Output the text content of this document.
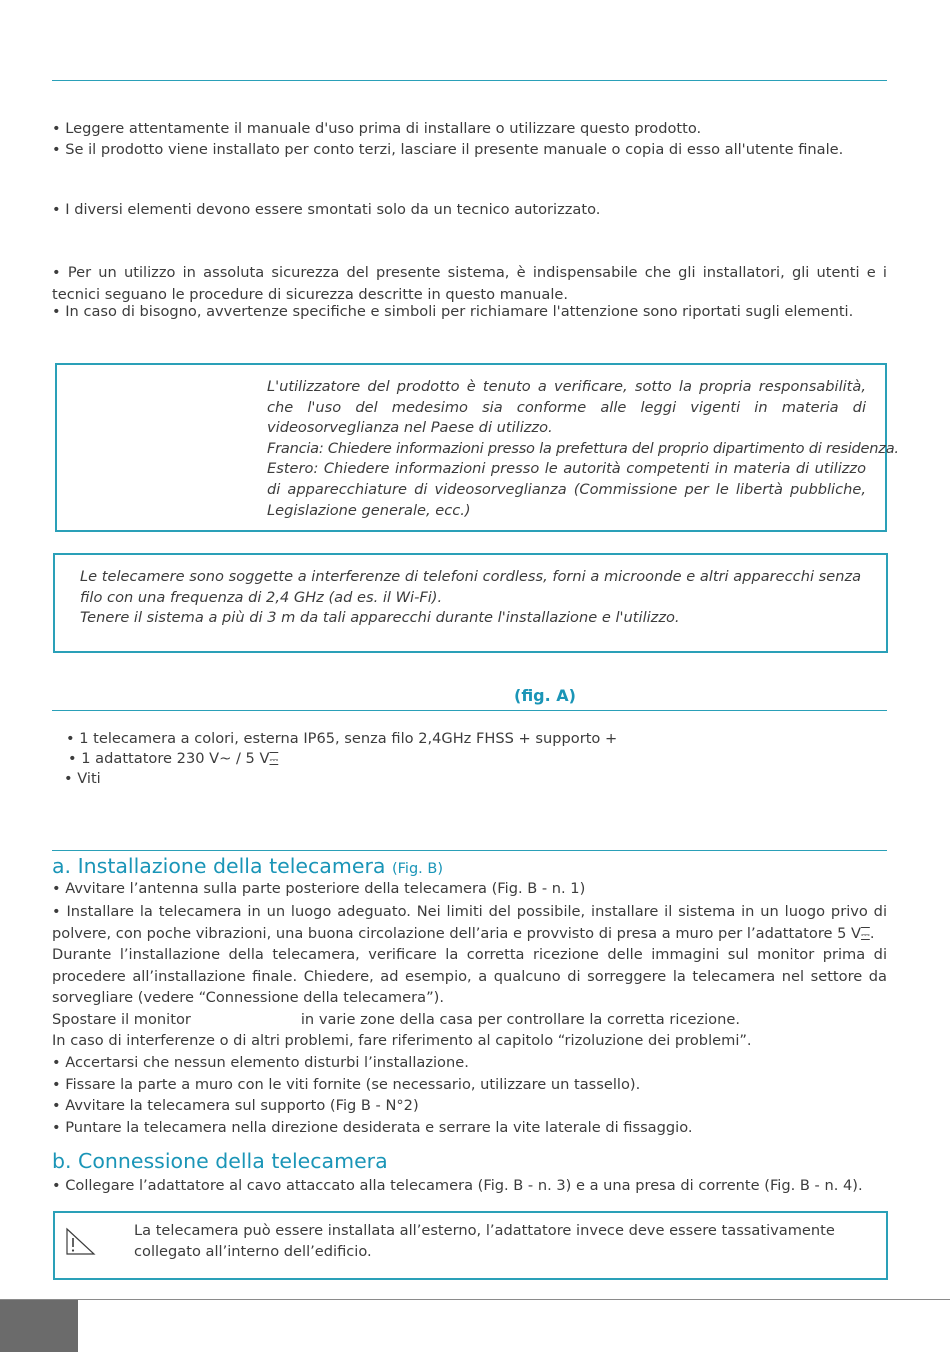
• Leggere attentamente il manuale d'uso prima di installare o utilizzare questo prodotto.
• Se il prodotto viene installato per conto terzi, lasciare il presente manuale o copia di esso all'utente finale.
• I diversi elementi devono essere smontati solo da un tecnico autorizzato.
• Per un utilizzo in assoluta sicurezza del presente sistema, è indispensabile che gli installatori, gli utenti e i tecnici seguano le procedure di sicurezza descritte in questo manuale.
• In caso di bisogno, avvertenze specifiche e simboli per richiamare l'attenzione sono riportati sugli elementi.
L'utilizzatore del prodotto è tenuto a verificare, sotto la propria responsabilità, che l'uso del medesimo sia conforme alle leggi vigenti in materia di videosorveglianza nel Paese di utilizzo.
Francia: Chiedere informazioni presso la prefettura del proprio dipartimento di residenza.
Estero: Chiedere informazioni presso le autorità competenti in materia di utilizzo di apparecchiature di videosorveglianza (Commissione per le libertà pubbliche, Legislazione generale, ecc.)
Le telecamere sono soggette a interferenze di telefoni cordless, forni a microonde e altri apparecchi senza filo con una frequenza di 2,4 GHz (ad es. il Wi-Fi).
Tenere il sistema a più di 3 m da tali apparecchi durante l'installazione e l'utilizzo.
(fig. A)
• 1 telecamera a colori, esterna IP65, senza filo 2,4GHz FHSS + supporto +
• 1 adattatore 230 V~ / 5 V⎓
• Viti
a. Installazione della telecamera (Fig. B)
• Avvitare l’antenna sulla parte posteriore della telecamera (Fig. B - n. 1)
• Installare la telecamera in un luogo adeguato. Nei limiti del possibile, installare il sistema in un luogo privo di polvere, con poche vibrazioni, una buona circolazione dell’aria e provvisto di presa a muro per l’adattatore 5 V⎓.
Durante l’installazione della telecamera, verificare la corretta ricezione delle immagini sul monitor prima di procedere all’installazione finale. Chiedere, ad esempio, a qualcuno di sorreggere la telecamera nel settore da sorvegliare (vedere “Connessione della telecamera”).
Spostare il monitor	in varie zone della casa per controllare la corretta ricezione.
In caso di interferenze o di altri problemi, fare riferimento al capitolo “rizoluzione dei problemi”.
• Accertarsi che nessun elemento disturbi l’installazione.
• Fissare la parte a muro con le viti fornite (se necessario, utilizzare un tassello).
• Avvitare la telecamera sul supporto (Fig B - N°2)
• Puntare la telecamera nella direzione desiderata e serrare la vite laterale di fissaggio.
b. Connessione della telecamera
• Collegare l’adattatore al cavo attaccato alla telecamera (Fig. B - n. 3) e a una presa di corrente (Fig. B - n. 4).
La telecamera può essere installata all’esterno, l’adattatore invece deve essere tassativamente
collegato all’interno dell’edificio.
